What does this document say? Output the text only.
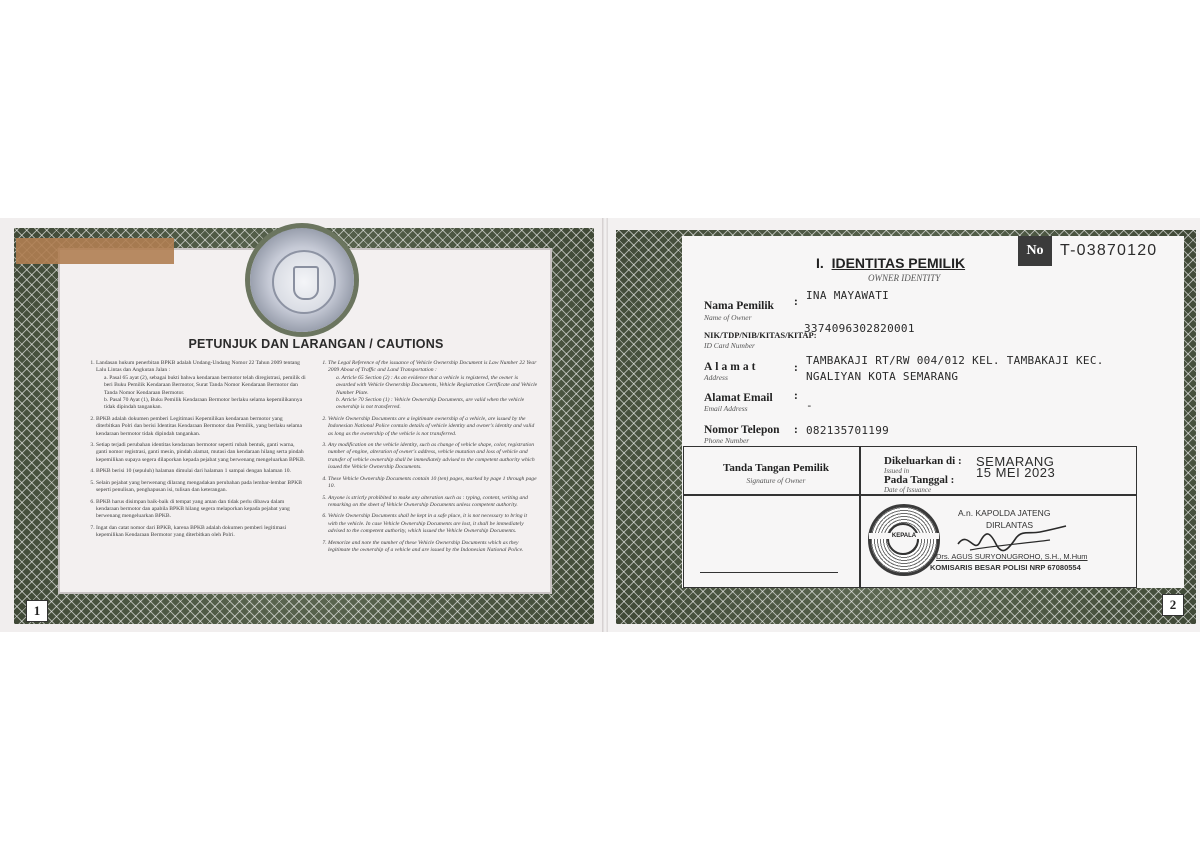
PETUNJUK DAN LARANGAN / CAUTIONS
1. Landasan hukum penerbitan BPKB adalah Undang-Undang Nomor 22 Tahun 2009 tentang Lalu Lintas dan Angkutan Jalan :
a. Pasal 65 ayat (2), sebagai bukti bahwa kendaraan bermotor telah diregistrasi, pemilik di beri Buku Pemilik Kendaraan Bermotor, Surat Tanda Nomor Kendaraan Bermotor dan Tanda Nomor Kendaraan Bermotor.
b. Pasal 70 Ayat (1), Buku Pemilik Kendaraan Bermotor berlaku selama kepemilikannya tidak dipindah tangankan.
2. BPKB adalah dokumen pemberi Legitimasi Kepemilikan kendaraan bermotor yang diterbitkan Polri dan berisi Identitas Kendaraan Bermotor dan Pemilik, yang berlaku selama kendaraan bermotor tidak dipindah tangankan.
3. Setiap terjadi perubahan identitas kendaraan bermotor seperti rubah bentuk, ganti warna, ganti nomor registrasi, ganti mesin, pindah alamat, mutasi dan kendaraan hilang serta pindah kepemilikan supaya segera dilaporkan kepada pejabat yang berwenang mengeluarkan BPKB.
4. BPKB berisi 10 (sepuluh) halaman dimulai dari halaman 1 sampai dengan halaman 10.
5. Selain pejabat yang berwenang dilarang mengadakan perubahan pada lembar-lembar BPKB seperti penulisan, penghapusan isi, tulisan dan keterangan.
6. BPKB harus disimpan baik-baik di tempat yang aman dan tidak perlu dibawa dalam kendaraan bermotor dan apabila BPKB hilang segera melaporkan kepada pejabat yang berwenang mengeluarkan BPKB.
7. Ingat dan catat nomor dari BPKB, karena BPKB adalah dokumen pemberi legitimasi kepemilikan Kendaraan Bermotor yang diterbitkan oleh Polri.
1. The Legal Reference of the issuance of Vehicle Ownership Document is Law Number 22 Year 2009 About of Traffic and Land Transportation :
a. Article 65 Section (2) : As an evidence that a vehicle is registered, the owner is awarded with Vehicle Ownership Documents, Vehicle Registration Certificate and Vehicle Number Plate.
b. Article 70 Section (1) : Vehicle Ownership Documents, are valid when the vehicle ownership is not transferred.
2. Vehicle Ownership Documents are a legitimate ownership of a vehicle, are issued by the Indonesian National Police contain details of vehicle identity and owner's identity and valid as long as the ownership of the vehicle is not transferred.
3. Any modification on the vehicle identity, such as change of vehicle shape, color, registration number of engine, alteration of owner's address, vehicle mutation and loss of vehicle and transfer of vehicle ownership shall be immediately advised to the competent authority which issued the Vehicle Ownership Documents.
4. These Vehicle Ownership Documents contain 10 (ten) pages, marked by page 1 through page 10.
5. Anyone is strictly prohibited to make any alteration such as : typing, content, writing and remarking on the sheet of Vehicle Ownership Documents unless competent authority.
6. Vehicle Ownership Documents shall be kept in a safe place, it is not necessary to bring it with the vehicle. In case Vehicle Ownership Documents are lost, it shall be immediately advised to the competent authority, which issued the Vehicle Ownership Documents.
7. Memorize and note the number of these Vehicle Ownership Documents which as they legitimate the ownership of a vehicle and are issued by the Indonesian National Police.
1
No	T-03870120
I. IDENTITAS PEMILIK
OWNER IDENTITY
Nama Pemilik
Name of Owner
: INA MAYAWATI
NIK/TDP/NIB/KITAS/KITAP:
ID Card Number
3374096302820001
Alamat
Address
:
TAMBAKAJI RT/RW 004/012 KEL. TAMBAKAJI KEC.
NGALIYAN KOTA SEMARANG
Alamat Email
Email Address
:
-
Nomor Telepon
Phone Number
: 082135701199
Tanda Tangan Pemilik
Signature of Owner
Dikeluarkan di :
Issued in
SEMARANG
Pada Tanggal :
Date of Issuance
15 MEI 2023
KEPALA
A.n. KAPOLDA JATENG
DIRLANTAS
Drs. AGUS SURYONUGROHO, S.H., M.Hum
KOMISARIS BESAR POLISI NRP 67080554
2
